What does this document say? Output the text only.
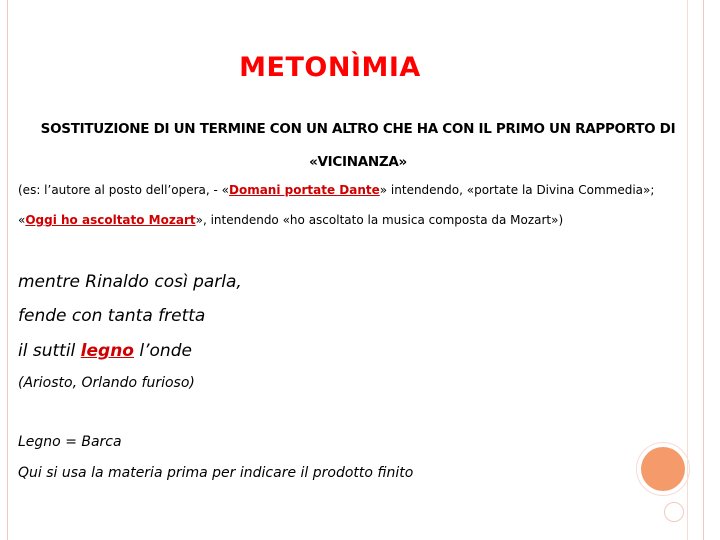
METONÌMIA
SOSTITUZIONE DI UN TERMINE CON UN ALTRO CHE HA CON IL PRIMO UN RAPPORTO DI
«VICINANZA»
(es: l’autore al posto dell’opera, - «Domani portate Dante» intendendo, «portate la Divina Commedia»;
«Oggi ho ascoltato Mozart», intendendo «ho ascoltato la musica composta da Mozart»)
mentre Rinaldo così parla,
fende con tanta fretta
il suttil legno l’onde
(Ariosto, Orlando furioso)
Legno = Barca
Qui si usa la materia prima per indicare il prodotto finito
